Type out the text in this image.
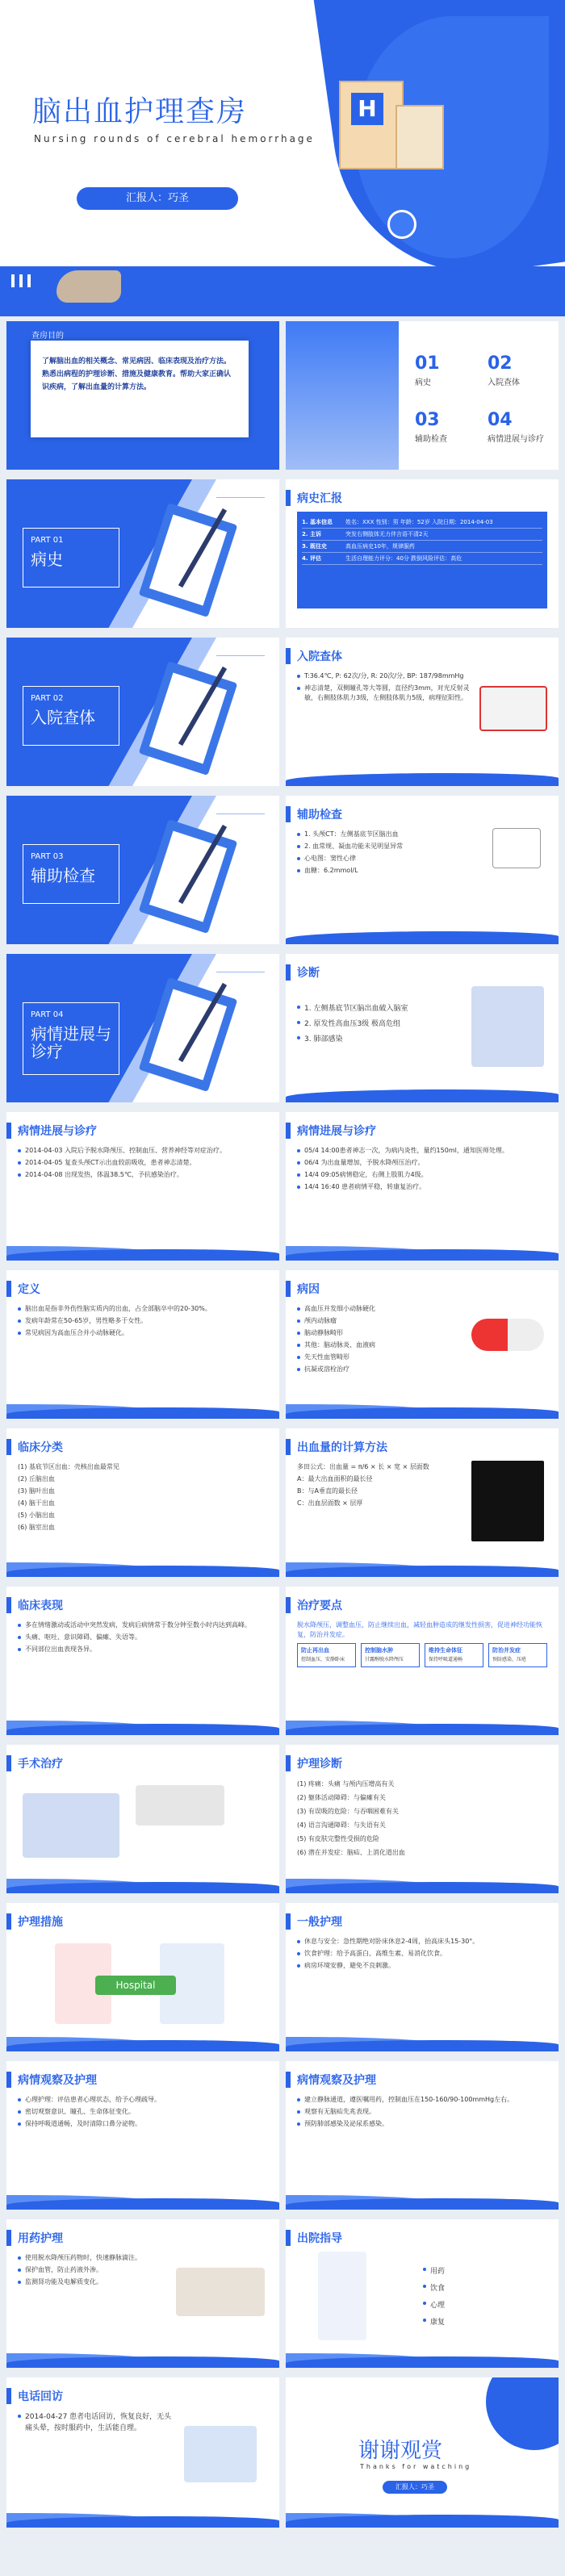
H
脑出血护理查房
Nursing rounds of cerebral hemorrhage
汇报人：巧圣
查房目的
了解脑出血的相关概念、常见病因、临床表现及治疗方法。熟悉出病程的护理诊断、措施及健康教育。帮助大家正确认识疾病，了解出血量的计算方法。
01
病史
02
入院查体
03
辅助检查
04
病情进展与诊疗
PART 01
病史
病史汇报
1. 基本信息	姓名：XXX 性别：男 年龄：52岁 入院日期：2014-04-03
2. 主诉	突发右侧肢体无力伴言语不清2天
3. 既往史	高血压病史10年，规律服药
4. 评估	生活自理能力评分：40分 跌倒风险评估：高危
PART 02
入院查体
入院查体
T:36.4℃, P: 62次/分, R: 20次/分, BP: 187/98mmHg
神志清楚，双侧瞳孔等大等圆，直径约3mm，对光反射灵敏，右侧肢体肌力3级，左侧肢体肌力5级，病理征阳性。
PART 03
辅助检查
辅助检查
1. 头颅CT：左侧基底节区脑出血
2. 血常规、凝血功能未见明显异常
心电图：窦性心律
血糖：6.2mmol/L
PART 04
病情进展与诊疗
诊断
1. 左侧基底节区脑出血破入脑室
2. 原发性高血压3级 极高危组
3. 肺部感染
病情进展与诊疗
2014-04-03 入院后予脱水降颅压、控制血压、营养神经等对症治疗。
2014-04-05 复查头颅CT示出血较前吸收，患者神志清楚。
2014-04-08 出现发热，体温38.5℃，予抗感染治疗。
病情进展与诊疗
05/4 14:00患者神志一次，为病内炎性，量约150ml，通知医师处理。
06/4 为出血量增加，予脱水降颅压治疗。
14/4 09:05病情稳定，右侧上肢肌力4级。
14/4 16:40 患者病情平稳，转康复治疗。
定义
脑出血是指非外伤性脑实质内的出血，占全部脑卒中的20-30%。
发病年龄常在50-65岁，男性略多于女性。
常见病因为高血压合并小动脉硬化。
病因
高血压并发细小动脉硬化
颅内动脉瘤
脑动静脉畸形
其他：脑动脉炎、血液病
先天性血管畸形
抗凝或溶栓治疗
临床分类
(1) 基底节区出血：壳核出血最常见
(2) 丘脑出血
(3) 脑叶出血
(4) 脑干出血
(5) 小脑出血
(6) 脑室出血
出血量的计算方法
多田公式：出血量 = π/6 × 长 × 宽 × 层面数
A：最大出血面积的最长径
B：与A垂直的最长径
C：出血层面数 × 层厚
临床表现
多在情绪激动或活动中突然发病，发病后病情常于数分钟至数小时内达到高峰。
头痛、呕吐、意识障碍、偏瘫、失语等。
不同部位出血表现各异。
治疗要点
脱水降颅压，调整血压，防止继续出血，减轻血肿造成的继发性损害，促进神经功能恢复，防治并发症。
防止再出血
控制血压，安静卧床
控制脑水肿
甘露醇脱水降颅压
维持生命体征
保持呼吸道通畅
防治并发症
预防感染、压疮
手术治疗	护理诊断
(1) 疼痛：头痛 与颅内压增高有关
(2) 躯体活动障碍：与偏瘫有关
(3) 有误吸的危险：与吞咽困难有关
(4) 语言沟通障碍：与失语有关
(5) 有皮肤完整性受损的危险
(6) 潜在并发症：脑疝、上消化道出血
护理措施
Hospital
一般护理
休息与安全：急性期绝对卧床休息2-4周，抬高床头15-30°。
饮食护理：给予高蛋白、高维生素、易消化饮食。
病房环境安静，避免不良刺激。
病情观察及护理
心理护理：评估患者心理状态，给予心理疏导。
密切观察意识、瞳孔、生命体征变化。
保持呼吸道通畅，及时清除口鼻分泌物。
病情观察及护理
建立静脉通道，遵医嘱用药，控制血压在150-160/90-100mmHg左右。
观察有无脑疝先兆表现。
预防肺部感染及泌尿系感染。
用药护理
使用脱水降颅压药物时，快速静脉滴注。
保护血管，防止药液外渗。
监测肾功能及电解质变化。
出院指导
用药
饮食
心理
康复
电话回访
2014-04-27 患者电话回访，恢复良好，无头痛头晕，按时服药中，生活能自理。
谢谢观赏
Thanks for watching
汇报人：巧圣
